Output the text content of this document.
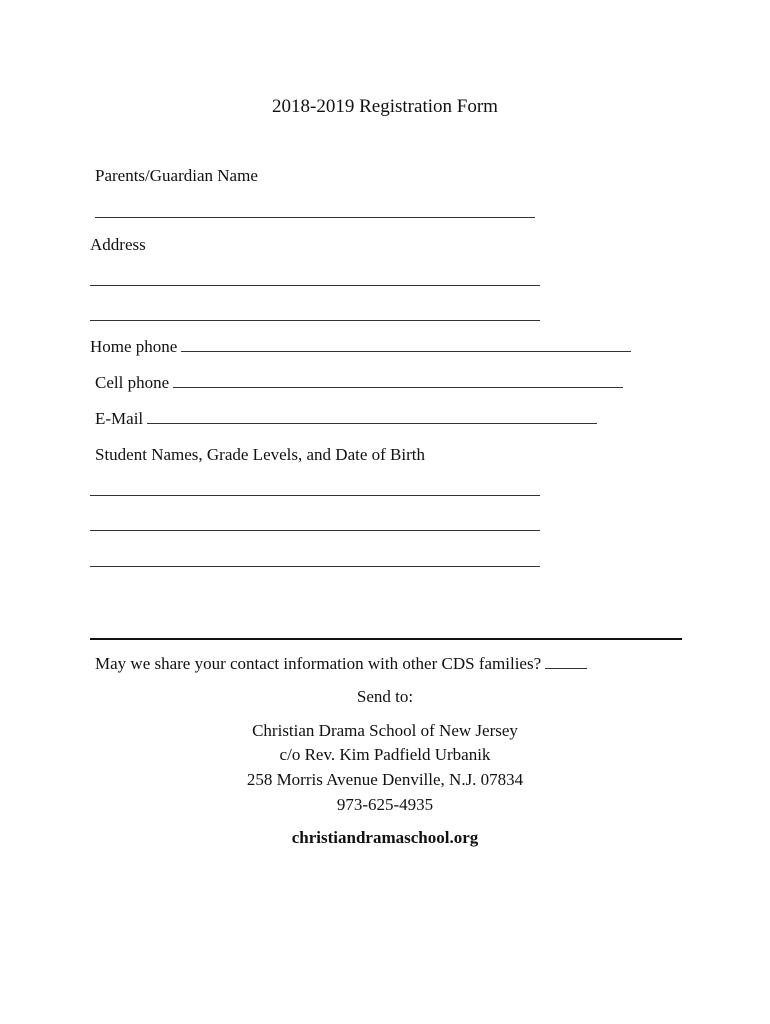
2018-2019 Registration Form
Parents/Guardian Name
Address
Home phone
Cell phone
E-Mail
Student Names, Grade Levels, and Date of Birth
May we share your contact information with other CDS families?
Send to:
Christian Drama School of New Jersey
c/o Rev. Kim Padfield Urbanik
258 Morris Avenue Denville, N.J. 07834
973-625-4935
christiandramaschool.org
